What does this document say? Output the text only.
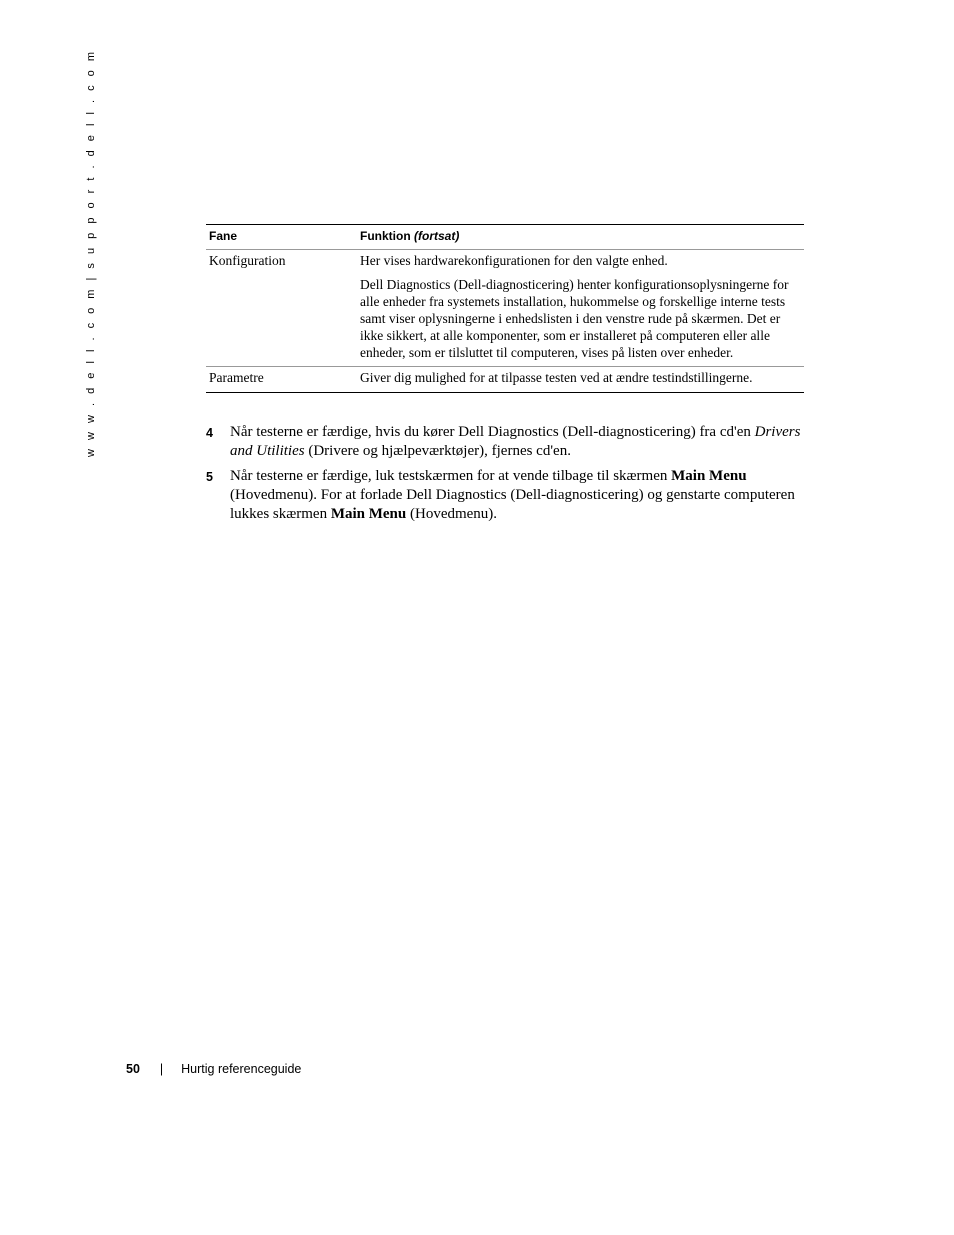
w w w . d e l l . c o m | s u p p o r t . d e l l . c o m	Fane	Funktion (fortsat)
Konfiguration	Her vises hardwarekonfigurationen for den valgte enhed.

Dell Diagnostics (Dell-diagnosticering) henter konfigurationsoplysningerne for alle enheder fra systemets installation, hukommelse og forskellige interne tests samt viser oplysningerne i enhedslisten i den venstre rude på skærmen. Det er ikke sikkert, at alle komponenter, som er installeret på computeren eller alle enheder, som er tilsluttet til computeren, vises på listen over enheder.

Parametre	Giver dig mulighed for at tilpasse testen ved at ændre testindstillingerne.
4	Når testerne er færdige, hvis du kører Dell Diagnostics (Dell-diagnosticering) fra cd'en Drivers and Utilities (Drivere og hjælpeværktøjer), fjernes cd'en.
5	Når testerne er færdige, luk testskærmen for at vende tilbage til skærmen Main Menu (Hovedmenu). For at forlade Dell Diagnostics (Dell-diagnosticering) og genstarte computeren lukkes skærmen Main Menu (Hovedmenu).
50 | Hurtig referenceguide
